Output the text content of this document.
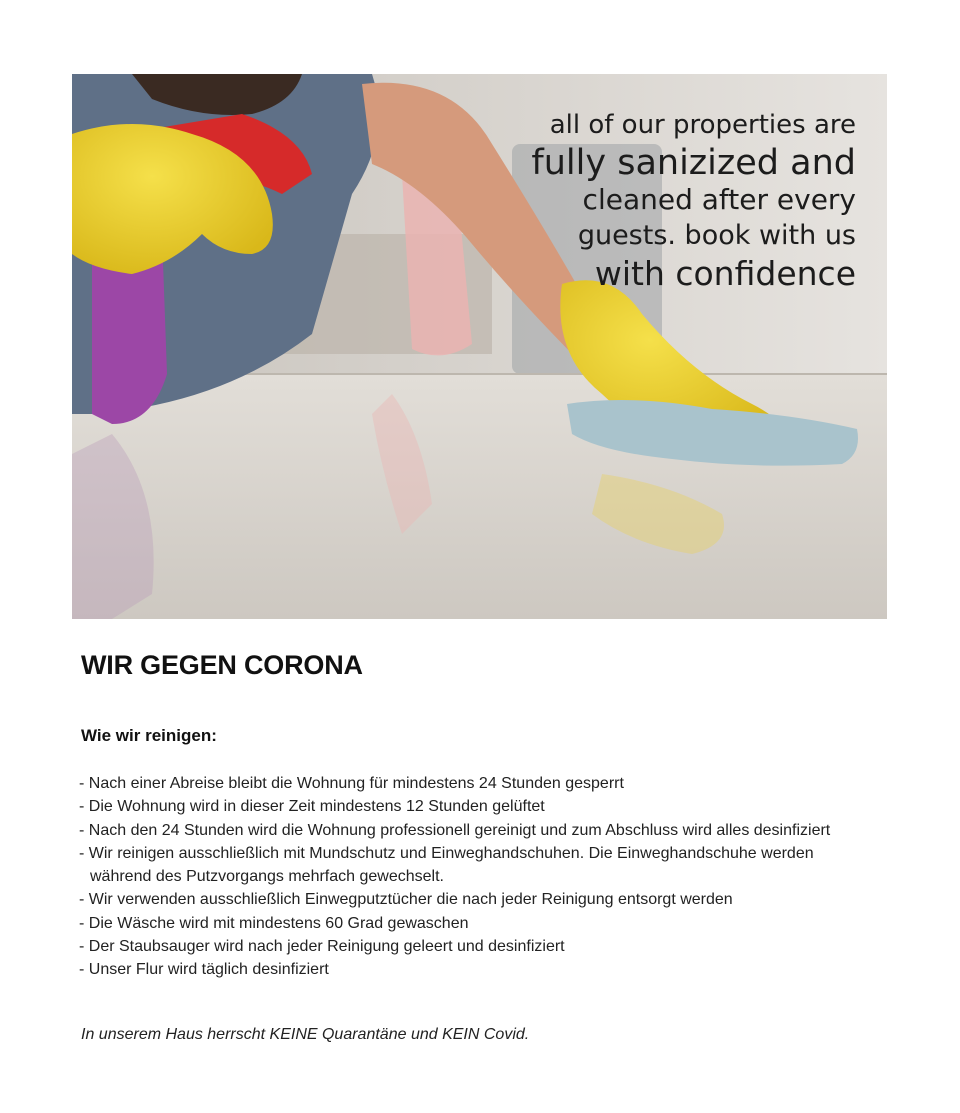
all of our properties are
fully sanizized and
cleaned after every
guests. book with us
with confidence
WIR GEGEN CORONA
Wie wir reinigen:
- Nach einer Abreise bleibt die Wohnung für mindestens 24 Stunden gesperrt
- Die Wohnung wird in dieser Zeit mindestens 12 Stunden gelüftet
- Nach den 24 Stunden wird die Wohnung professionell gereinigt und zum Abschluss wird alles desinfiziert
- Wir reinigen ausschließlich mit Mundschutz und Einweghandschuhen. Die Einweghandschuhe werden während des Putzvorgangs mehrfach gewechselt.
- Wir verwenden ausschließlich Einwegputztücher die nach jeder Reinigung entsorgt werden
- Die Wäsche wird mit mindestens 60 Grad gewaschen
- Der Staubsauger wird nach jeder Reinigung geleert und desinfiziert
- Unser Flur wird täglich desinfiziert

In unserem Haus herrscht KEINE Quarantäne und KEIN Covid.
